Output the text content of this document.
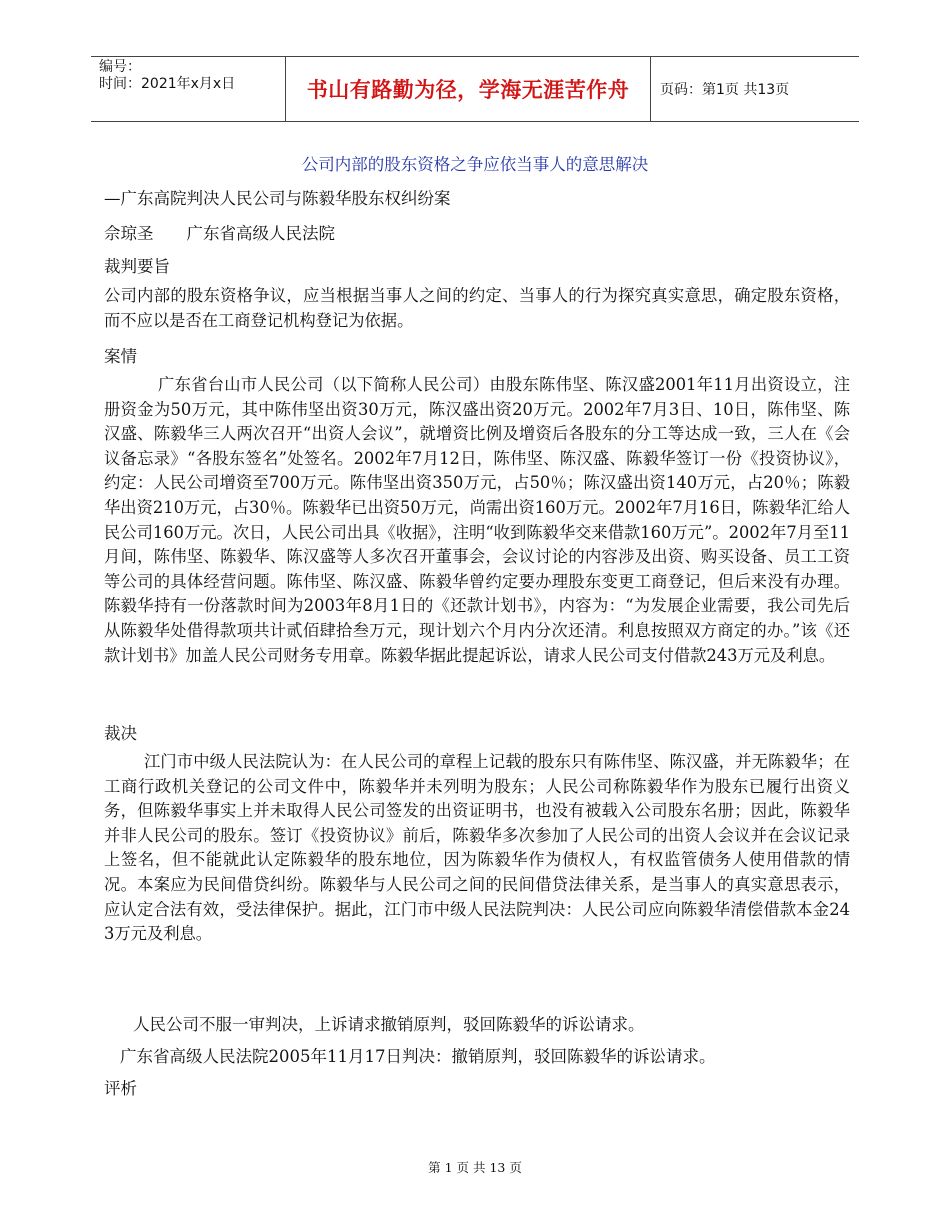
编号：
时间：2021年x月x日	书山有路勤为径，学海无涯苦作舟	页码：第1页 共13页
公司内部的股东资格之争应依当事人的意思解决
—广东高院判决人民公司与陈毅华股东权纠纷案
佘琼圣　　广东省高级人民法院
裁判要旨
公司内部的股东资格争议，应当根据当事人之间的约定、当事人的行为探究真实意思，确定股东资格，而不应以是否在工商登记机构登记为依据。
案情
广东省台山市人民公司（以下简称人民公司）由股东陈伟坚、陈汉盛2001年11月出资设立，注册资金为50万元，其中陈伟坚出资30万元，陈汉盛出资20万元。2002年7月3日、10日，陈伟坚、陈汉盛、陈毅华三人两次召开“出资人会议”，就增资比例及增资后各股东的分工等达成一致，三人在《会议备忘录》“各股东签名”处签名。2002年7月12日，陈伟坚、陈汉盛、陈毅华签订一份《投资协议》，约定：人民公司增资至700万元。陈伟坚出资350万元，占50％；陈汉盛出资140万元，占20％；陈毅华出资210万元，占30％。陈毅华已出资50万元，尚需出资160万元。2002年7月16日，陈毅华汇给人民公司160万元。次日，人民公司出具《收据》，注明“收到陈毅华交来借款160万元”。2002年7月至11月间，陈伟坚、陈毅华、陈汉盛等人多次召开董事会，会议讨论的内容涉及出资、购买设备、员工工资等公司的具体经营问题。陈伟坚、陈汉盛、陈毅华曾约定要办理股东变更工商登记，但后来没有办理。陈毅华持有一份落款时间为2003年8月1日的《还款计划书》，内容为：“为发展企业需要，我公司先后从陈毅华处借得款项共计贰佰肆拾叁万元，现计划六个月内分次还清。利息按照双方商定的办。”该《还款计划书》加盖人民公司财务专用章。陈毅华据此提起诉讼，请求人民公司支付借款243万元及利息。
裁决
江门市中级人民法院认为：在人民公司的章程上记载的股东只有陈伟坚、陈汉盛，并无陈毅华；在工商行政机关登记的公司文件中，陈毅华并未列明为股东；人民公司称陈毅华作为股东已履行出资义务，但陈毅华事实上并未取得人民公司签发的出资证明书，也没有被载入公司股东名册；因此，陈毅华并非人民公司的股东。签订《投资协议》前后，陈毅华多次参加了人民公司的出资人会议并在会议记录上签名，但不能就此认定陈毅华的股东地位，因为陈毅华作为债权人，有权监管债务人使用借款的情况。本案应为民间借贷纠纷。陈毅华与人民公司之间的民间借贷法律关系，是当事人的真实意思表示，应认定合法有效，受法律保护。据此，江门市中级人民法院判决：人民公司应向陈毅华清偿借款本金243万元及利息。
人民公司不服一审判决，上诉请求撤销原判，驳回陈毅华的诉讼请求。
广东省高级人民法院2005年11月17日判决：撤销原判，驳回陈毅华的诉讼请求。
评析
第 1 页 共 13 页
